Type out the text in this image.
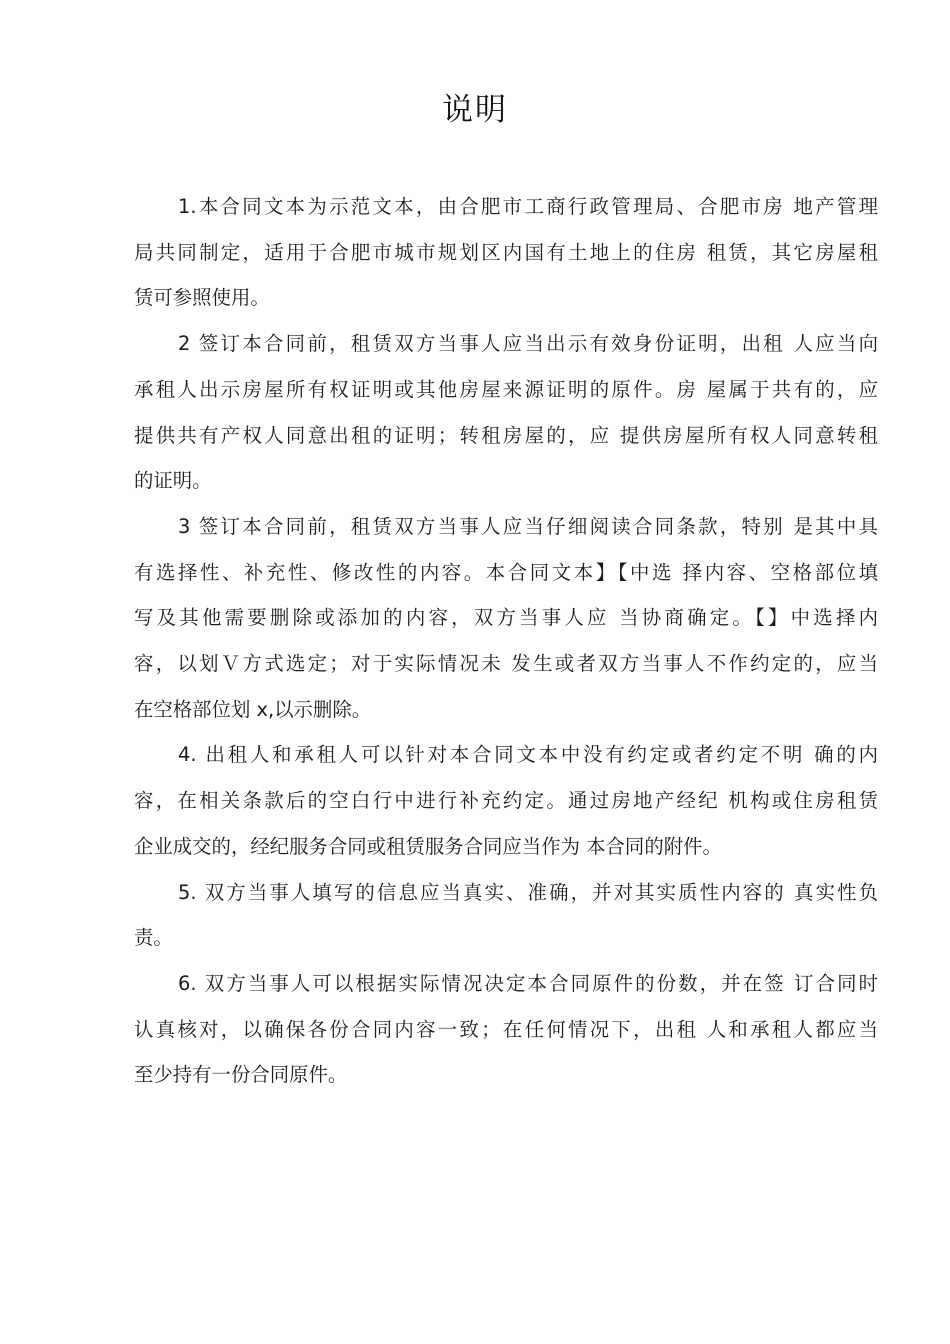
说明

1.本合同文本为示范文本，由合肥市工商行政管理局、合肥市房 地产管理
局共同制定，适用于合肥市城市规划区内国有土地上的住房 租赁，其它房屋租
赁可参照使用。

2 签订本合同前，租赁双方当事人应当出示有效身份证明，出租 人应当向
承租人出示房屋所有权证明或其他房屋来源证明的原件。房 屋属于共有的，应
提供共有产权人同意出租的证明；转租房屋的，应 提供房屋所有权人同意转租
的证明。

3 签订本合同前，租赁双方当事人应当仔细阅读合同条款，特别 是其中具
有选择性、补充性、修改性的内容。本合同文本】【中选 择内容、空格部位填
写及其他需要删除或添加的内容，双方当事人应 当协商确定。【】中选择内
容，以划Ｖ方式选定；对于实际情况未 发生或者双方当事人不作约定的，应当
在空格部位划 x,以示删除。

4. 出租人和承租人可以针对本合同文本中没有约定或者约定不明 确的内
容，在相关条款后的空白行中进行补充约定。通过房地产经纪 机构或住房租赁
企业成交的，经纪服务合同或租赁服务合同应当作为 本合同的附件。

5. 双方当事人填写的信息应当真实、准确，并对其实质性内容的 真实性负
责。

6. 双方当事人可以根据实际情况决定本合同原件的份数，并在签 订合同时
认真核对，以确保各份合同内容一致；在任何情况下，出租 人和承租人都应当
至少持有一份合同原件。
